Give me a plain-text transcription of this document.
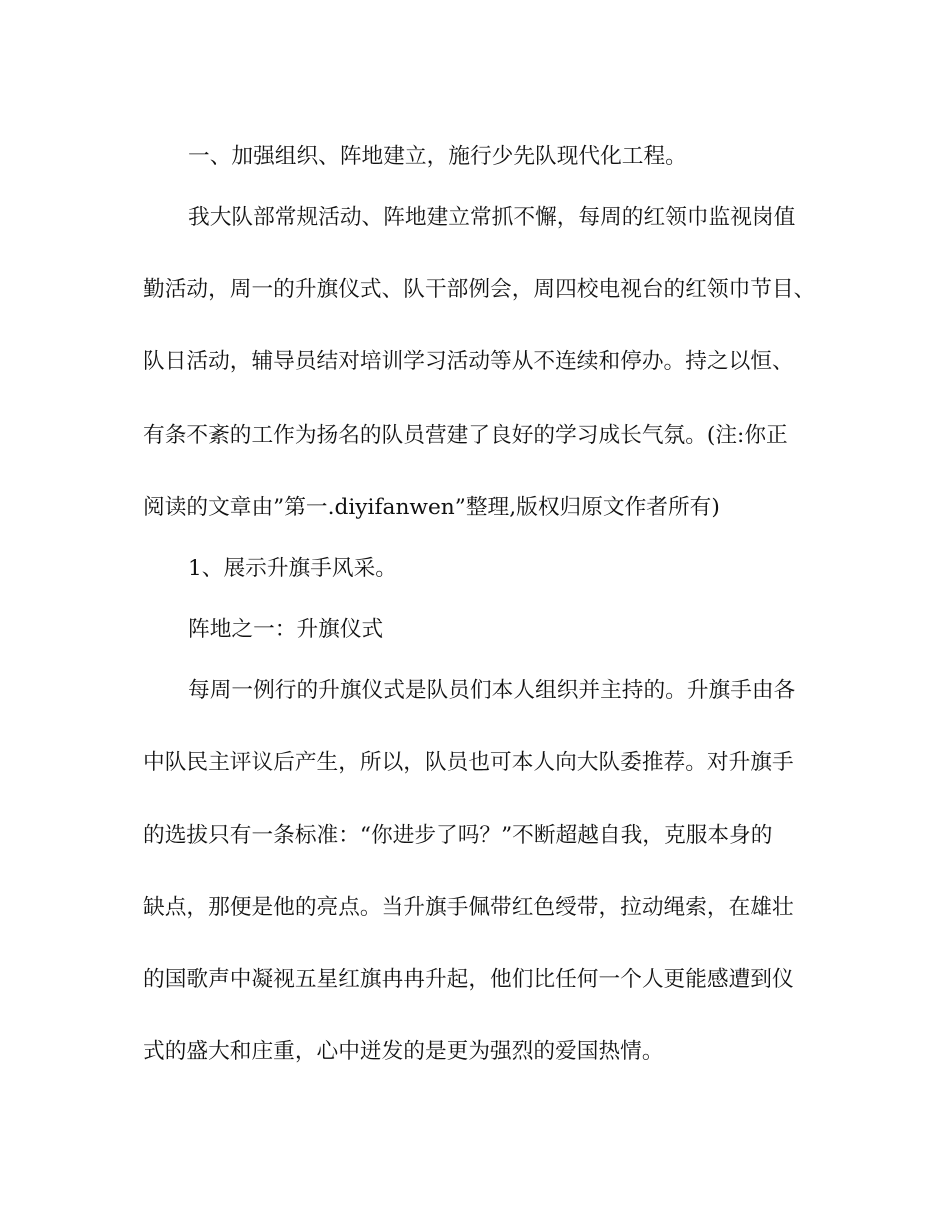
一、加强组织、阵地建立，施行少先队现代化工程。
我大队部常规活动、阵地建立常抓不懈，每周的红领巾监视岗值
勤活动，周一的升旗仪式、队干部例会，周四校电视台的红领巾节目、
队日活动，辅导员结对培训学习活动等从不连续和停办。持之以恒、
有条不紊的工作为扬名的队员营建了良好的学习成长气氛。(注:你正
阅读的文章由”第一.diyifanwen”整理,版权归原文作者所有)
1、展示升旗手风采。
阵地之一：升旗仪式
每周一例行的升旗仪式是队员们本人组织并主持的。升旗手由各
中队民主评议后产生，所以，队员也可本人向大队委推荐。对升旗手
的选拔只有一条标准：“你进步了吗？”不断超越自我，克服本身的
缺点，那便是他的亮点。当升旗手佩带红色绶带，拉动绳索，在雄壮
的国歌声中凝视五星红旗冉冉升起，他们比任何一个人更能感遭到仪
式的盛大和庄重，心中迸发的是更为强烈的爱国热情。
